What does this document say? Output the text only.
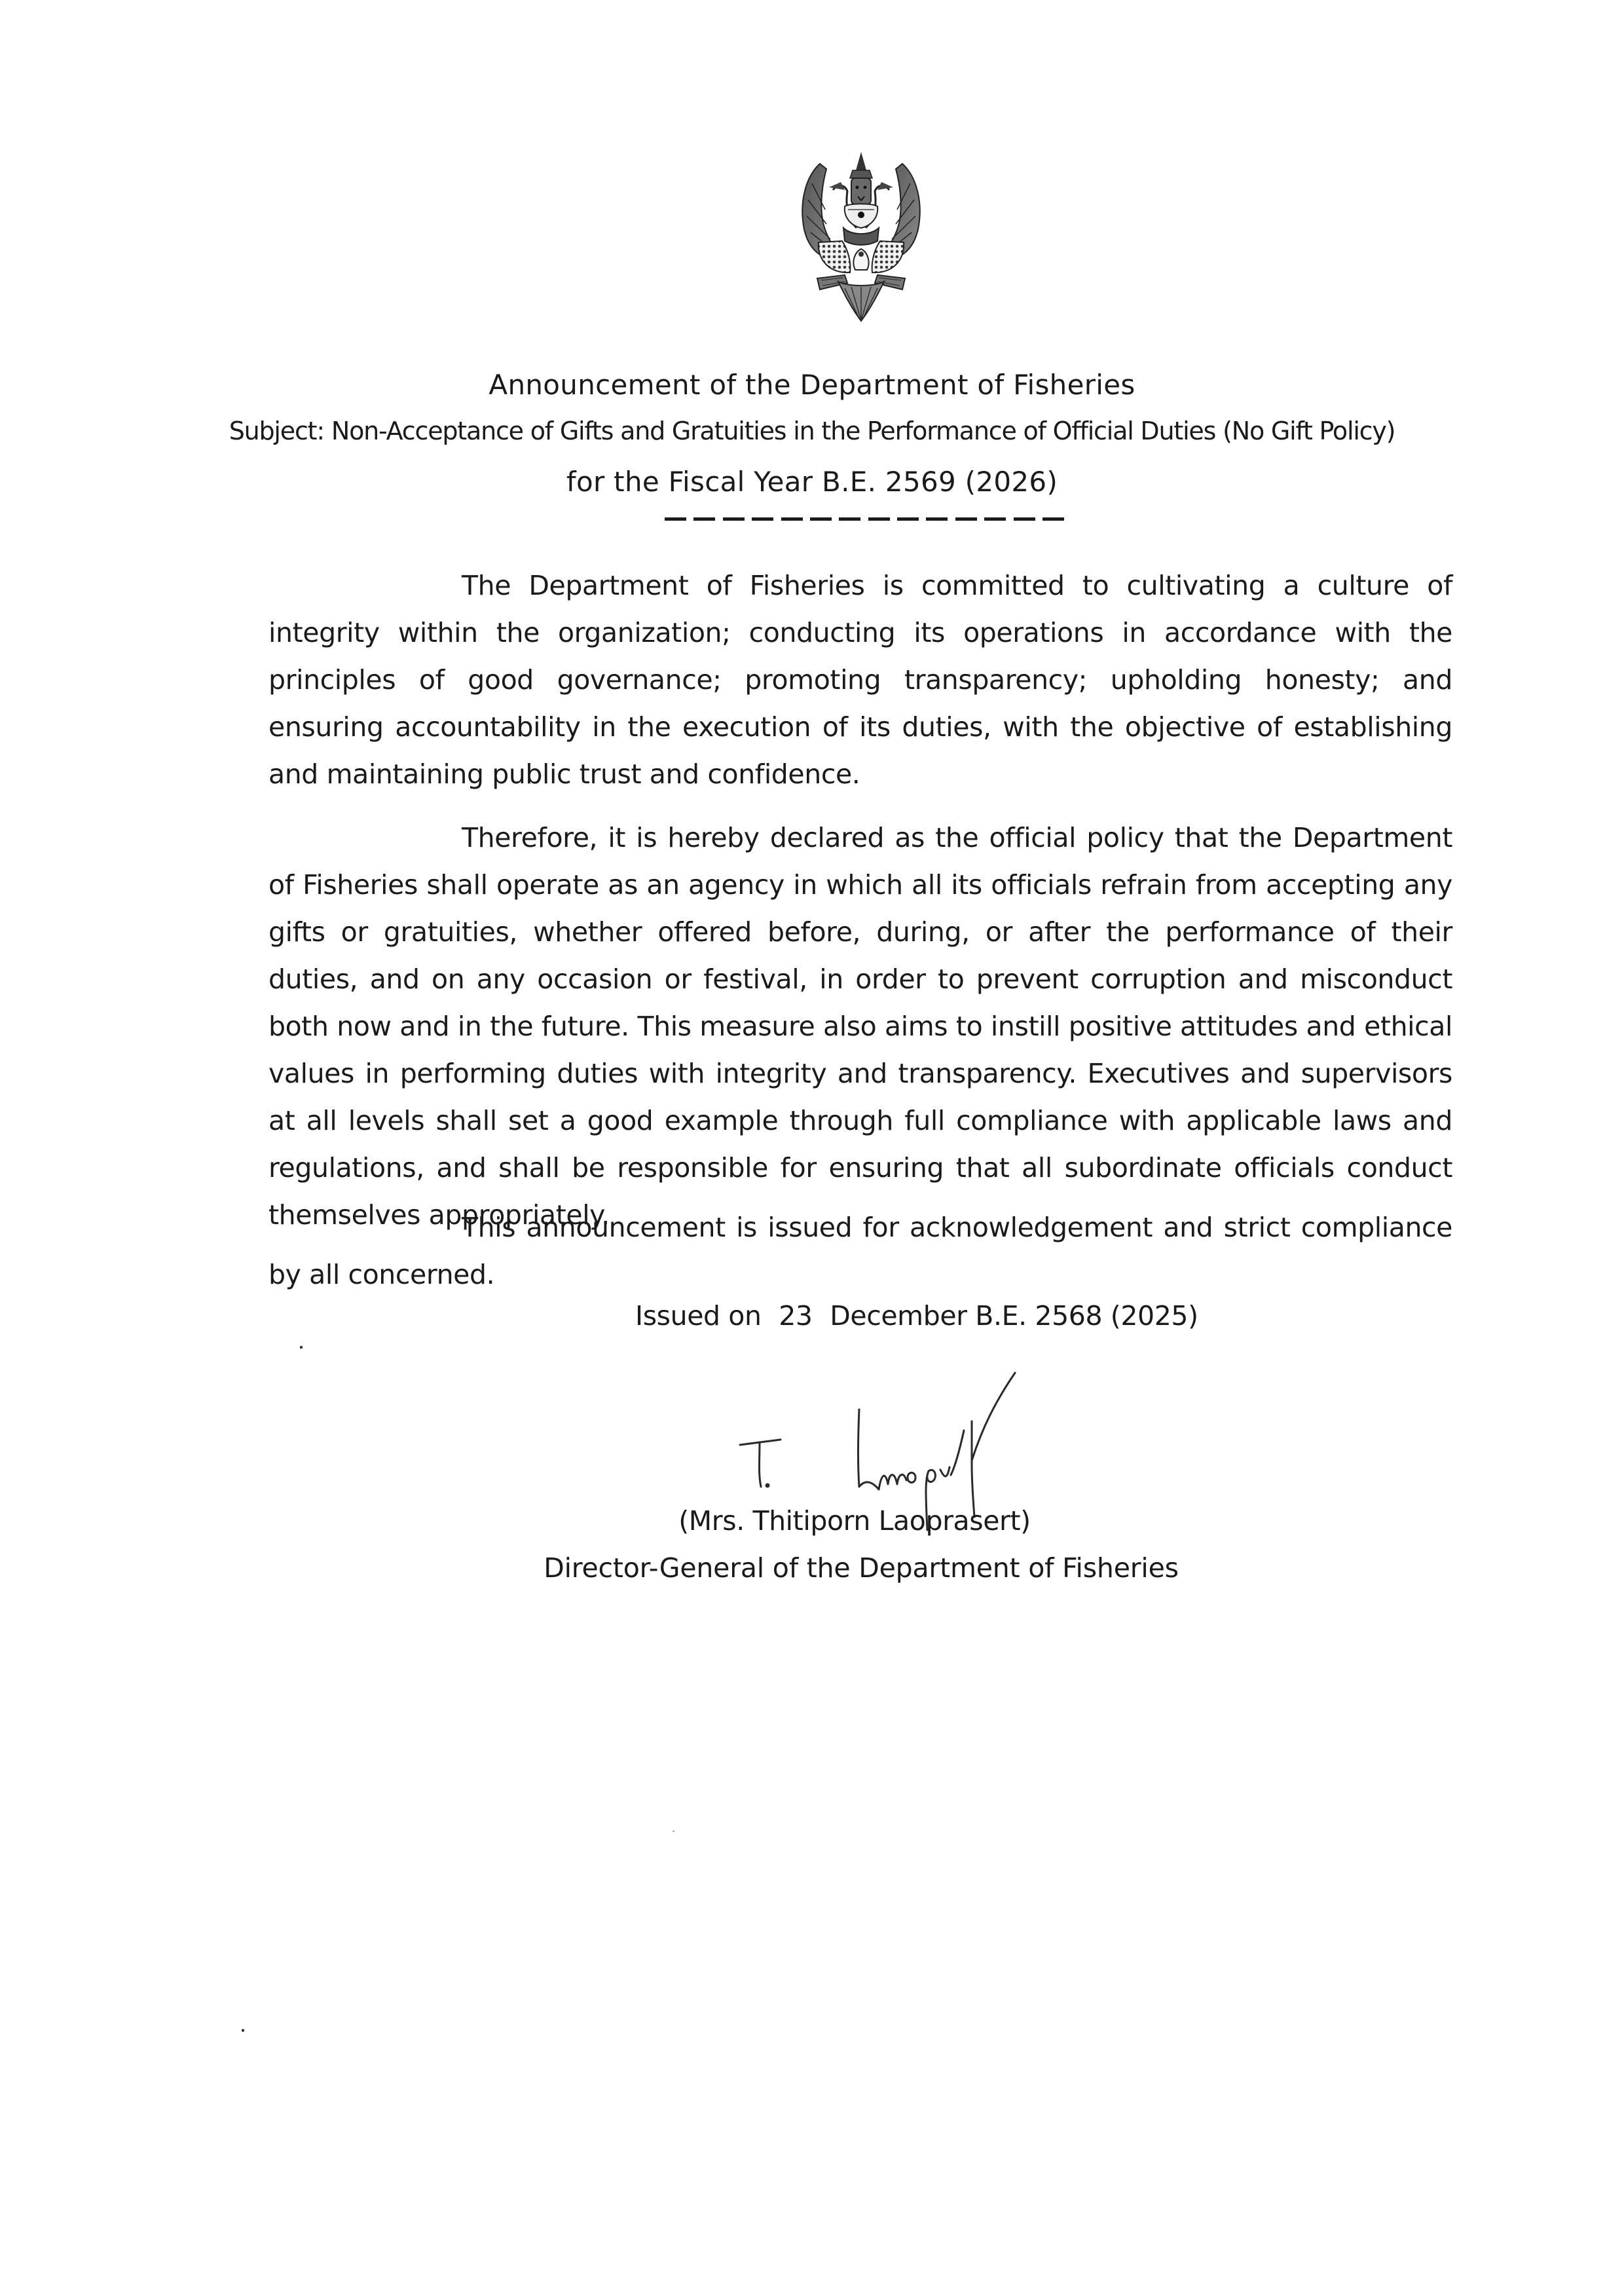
Announcement of the Department of Fisheries
Subject: Non-Acceptance of Gifts and Gratuities in the Performance of Official Duties (No Gift Policy)
for the Fiscal Year B.E. 2569 (2026)
The Department of Fisheries is committed to cultivating a culture of integrity within the organization; conducting its operations in accordance with the principles of good governance; promoting transparency; upholding honesty; and ensuring accountability in the execution of its duties, with the objective of establishing and maintaining public trust and confidence.
Therefore, it is hereby declared as the official policy that the Department of Fisheries shall operate as an agency in which all its officials refrain from accepting any gifts or gratuities, whether offered before, during, or after the performance of their duties, and on any occasion or festival, in order to prevent corruption and misconduct both now and in the future. This measure also aims to instill positive attitudes and ethical values in performing duties with integrity and transparency. Executives and supervisors at all levels shall set a good example through full compliance with applicable laws and regulations, and shall be responsible for ensuring that all subordinate officials conduct themselves appropriately.
This announcement is issued for acknowledgement and strict compliance by all concerned.
Issued on 23 December B.E. 2568 (2025)
(Mrs. Thitiporn Laoprasert)
Director-General of the Department of Fisheries
